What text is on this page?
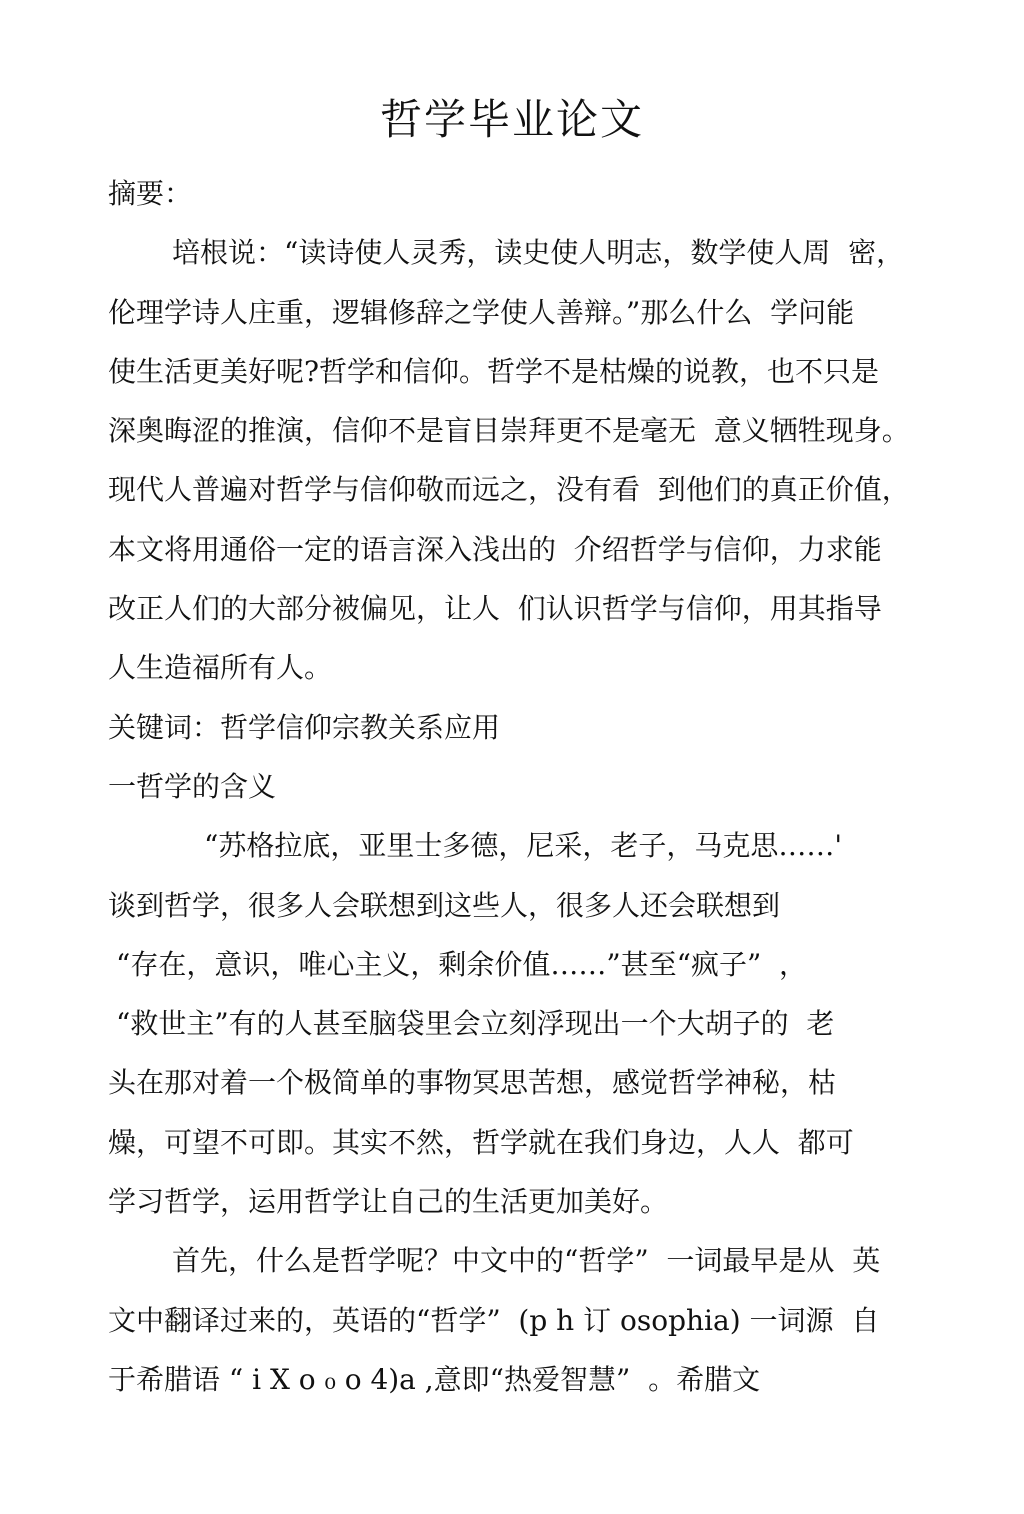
哲学毕业论文
摘要：
培根说：“读诗使人灵秀，读史使人明志，数学使人周  密，
伦理学诗人庄重，逻辑修辞之学使人善辩。”那么什么  学问能
使生活更美好呢?哲学和信仰。哲学不是枯燥的说教，也不只是
深奥晦涩的推演，信仰不是盲目崇拜更不是毫无  意义牺牲现身。
现代人普遍对哲学与信仰敬而远之，没有看  到他们的真正价值，
本文将用通俗一定的语言深入浅出的  介绍哲学与信仰，力求能
改正人们的大部分被偏见，让人  们认识哲学与信仰，用其指导
人生造福所有人。
关键词：哲学信仰宗教关系应用
一哲学的含义
“苏格拉底，亚里士多德，尼采，老子，马克思……'
谈到哲学，很多人会联想到这些人，很多人还会联想到
“存在，意识，唯心主义，剩余价值……”甚至“疯子”  ，
“救世主”有的人甚至脑袋里会立刻浮现出一个大胡子的  老
头在那对着一个极简单的事物冥思苦想，感觉哲学神秘，枯
燥，可望不可即。其实不然，哲学就在我们身边，人人  都可
学习哲学，运用哲学让自己的生活更加美好。
首先，什么是哲学呢？中文中的“哲学”  一词最早是从  英
文中翻译过来的，英语的“哲学”  (p h 订 osophia) 一词源  自
于希腊语 “ i X o ₀ o 4)a ,意即“热爱智慧”  。希腊文
